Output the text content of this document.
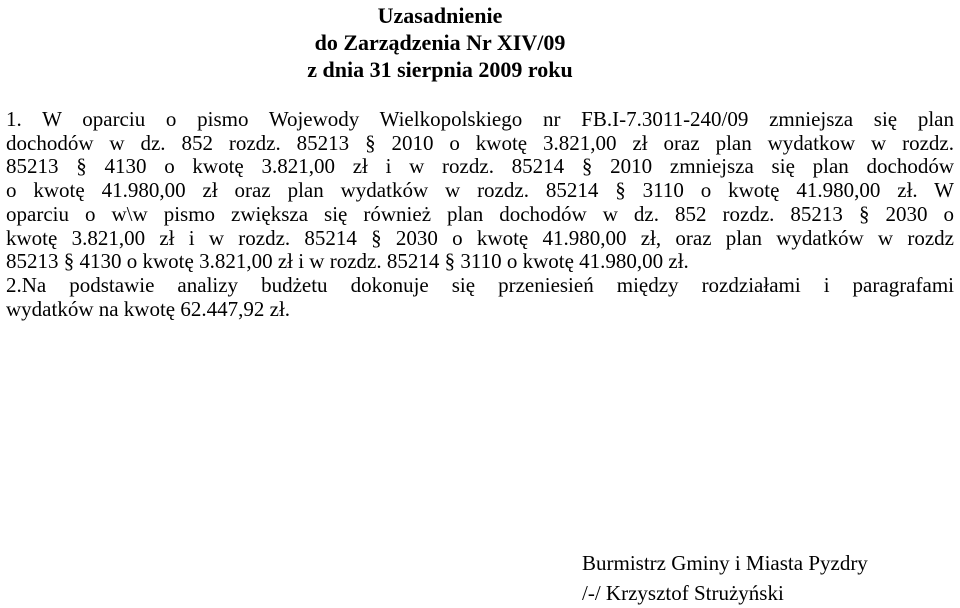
Uzasadnienie
do Zarządzenia Nr XIV/09
z dnia 31 sierpnia 2009 roku
1. W oparciu o pismo Wojewody Wielkopolskiego nr FB.I-7.3011-240/09 zmniejsza się plan
dochodów w dz. 852 rozdz. 85213 § 2010 o kwotę 3.821,00 zł oraz plan wydatkow w rozdz.
85213 § 4130 o kwotę 3.821,00 zł i w rozdz. 85214 § 2010 zmniejsza się plan dochodów
o kwotę 41.980,00 zł oraz plan wydatków w rozdz. 85214 § 3110 o kwotę 41.980,00 zł. W
oparciu o w\w pismo zwiększa się również plan dochodów w dz. 852 rozdz. 85213 § 2030 o
kwotę 3.821,00 zł i w rozdz. 85214 § 2030 o kwotę 41.980,00 zł, oraz plan wydatków w rozdz
85213 § 4130 o kwotę 3.821,00 zł i w rozdz. 85214 § 3110 o kwotę 41.980,00 zł.
2.Na podstawie analizy budżetu dokonuje się przeniesień między rozdziałami i paragrafami
wydatków na kwotę 62.447,92 zł.
Burmistrz Gminy i Miasta Pyzdry
/-/ Krzysztof Strużyński
